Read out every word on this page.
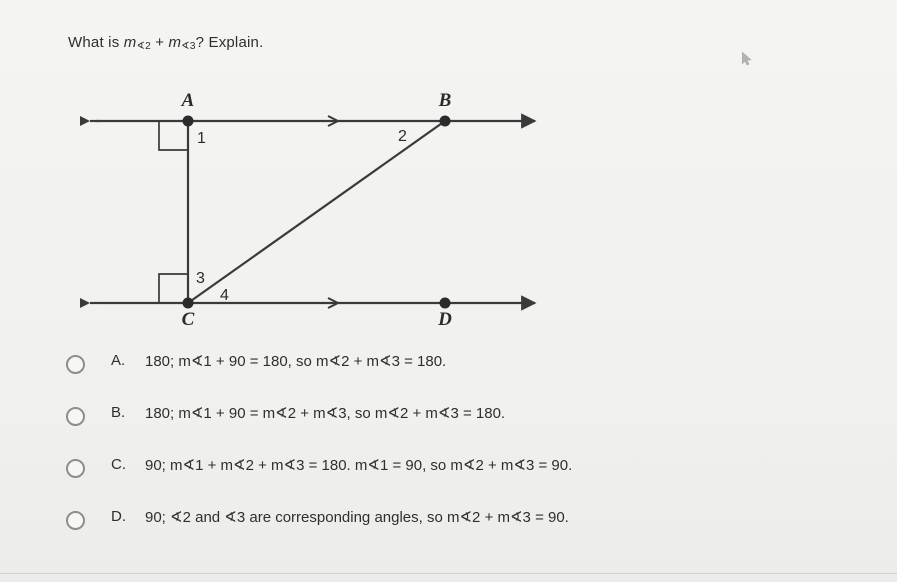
What is $m_{∢2} + m_{∢3}$? Explain.
A	B
C	D
1	2
3
4
A.	180; m∢1 + 90 = 180, so m∢2 + m∢3 = 180.
B.	180; m∢1 + 90 = m∢2 + m∢3, so m∢2 + m∢3 = 180.
C.	90; m∢1 + m∢2 + m∢3 = 180. m∢1 = 90, so m∢2 + m∢3 = 90.
D.	90; ∢2 and ∢3 are corresponding angles, so m∢2 + m∢3 = 90.
